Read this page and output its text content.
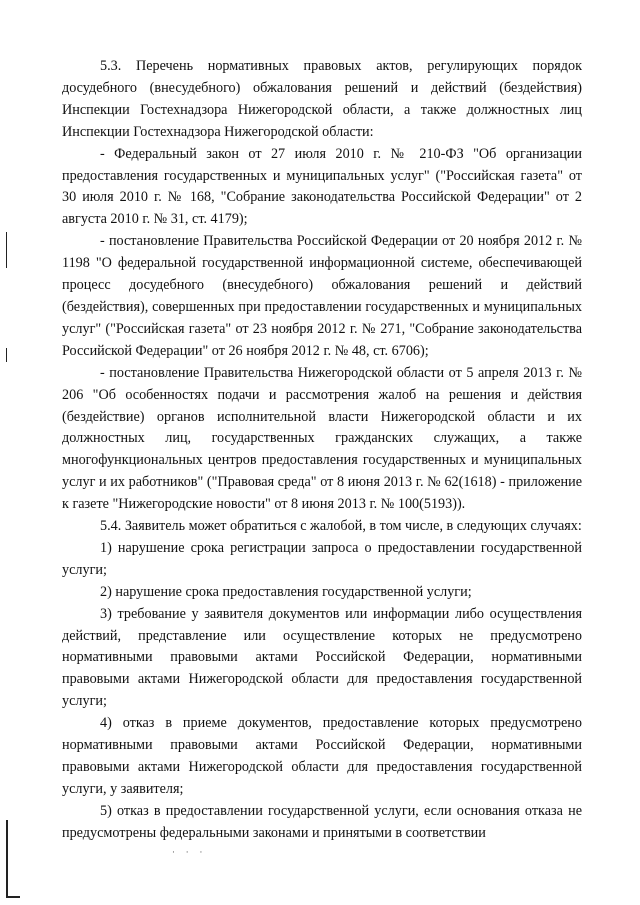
5.3. Перечень нормативных правовых актов, регулирующих порядок досудебного (внесудебного) обжалования решений и действий (бездействия) Инспекции Гостехнадзора Нижегородской области, а также должностных лиц Инспекции Гостехнадзора Нижегородской области:

- Федеральный закон от 27 июля 2010 г. № 210-ФЗ "Об организации предоставления государственных и муниципальных услуг" ("Российская газета" от 30 июля 2010 г. № 168, "Собрание законодательства Российской Федерации" от 2 августа 2010 г. № 31, ст. 4179);

- постановление Правительства Российской Федерации от 20 ноября 2012 г. № 1198 "О федеральной государственной информационной системе, обеспечивающей процесс досудебного (внесудебного) обжалования решений и действий (бездействия), совершенных при предоставлении государственных и муниципальных услуг" ("Российская газета" от 23 ноября 2012 г. № 271, "Собрание законодательства Российской Федерации" от 26 ноября 2012 г. № 48, ст. 6706);

- постановление Правительства Нижегородской области от 5 апреля 2013 г. № 206 "Об особенностях подачи и рассмотрения жалоб на решения и действия (бездействие) органов исполнительной власти Нижегородской области и их должностных лиц, государственных гражданских служащих, а также многофункциональных центров предоставления государственных и муниципальных услуг и их работников" ("Правовая среда" от 8 июня 2013 г. № 62(1618) - приложение к газете "Нижегородские новости" от 8 июня 2013 г. № 100(5193)).

5.4. Заявитель может обратиться с жалобой, в том числе, в следующих случаях:

1) нарушение срока регистрации запроса о предоставлении государственной услуги;

2) нарушение срока предоставления государственной услуги;

3) требование у заявителя документов или информации либо осуществления действий, представление или осуществление которых не предусмотрено нормативными правовыми актами Российской Федерации, нормативными правовыми актами Нижегородской области для предоставления государственной услуги;

4) отказ в приеме документов, предоставление которых предусмотрено нормативными правовыми актами Российской Федерации, нормативными правовыми актами Нижегородской области для предоставления государственной услуги, у заявителя;

5) отказ в предоставлении государственной услуги, если основания отказа не предусмотрены федеральными законами и принятыми в соответствии

· · ·
